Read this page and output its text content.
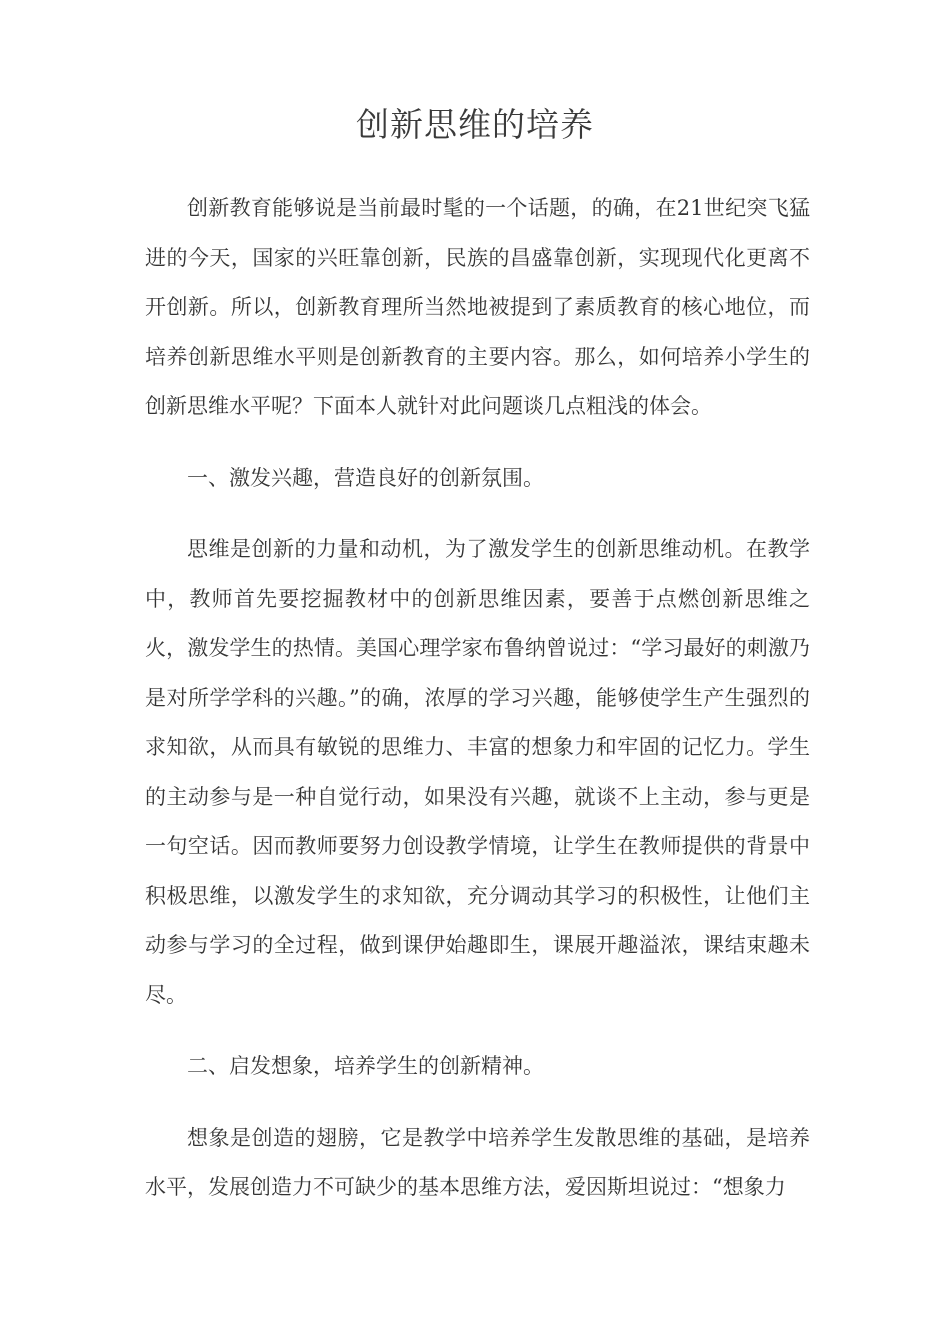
创新思维的培养

创新教育能够说是当前最时髦的一个话题，的确，在21世纪突飞猛进的今天，国家的兴旺靠创新，民族的昌盛靠创新，实现现代化更离不开创新。所以，创新教育理所当然地被提到了素质教育的核心地位，而培养创新思维水平则是创新教育的主要内容。那么，如何培养小学生的创新思维水平呢？下面本人就针对此问题谈几点粗浅的体会。

一、激发兴趣，营造良好的创新氛围。

思维是创新的力量和动机，为了激发学生的创新思维动机。在教学中，教师首先要挖掘教材中的创新思维因素，要善于点燃创新思维之火，激发学生的热情。美国心理学家布鲁纳曾说过：“学习最好的刺激乃是对所学学科的兴趣。”的确，浓厚的学习兴趣，能够使学生产生强烈的求知欲，从而具有敏锐的思维力、丰富的想象力和牢固的记忆力。学生的主动参与是一种自觉行动，如果没有兴趣，就谈不上主动，参与更是一句空话。因而教师要努力创设教学情境，让学生在教师提供的背景中积极思维，以激发学生的求知欲，充分调动其学习的积极性，让他们主动参与学习的全过程，做到课伊始趣即生，课展开趣溢浓，课结束趣未尽。

二、启发想象，培养学生的创新精神。

想象是创造的翅膀，它是教学中培养学生发散思维的基础，是培养水平，发展创造力不可缺少的基本思维方法，爱因斯坦说过：“想象力
